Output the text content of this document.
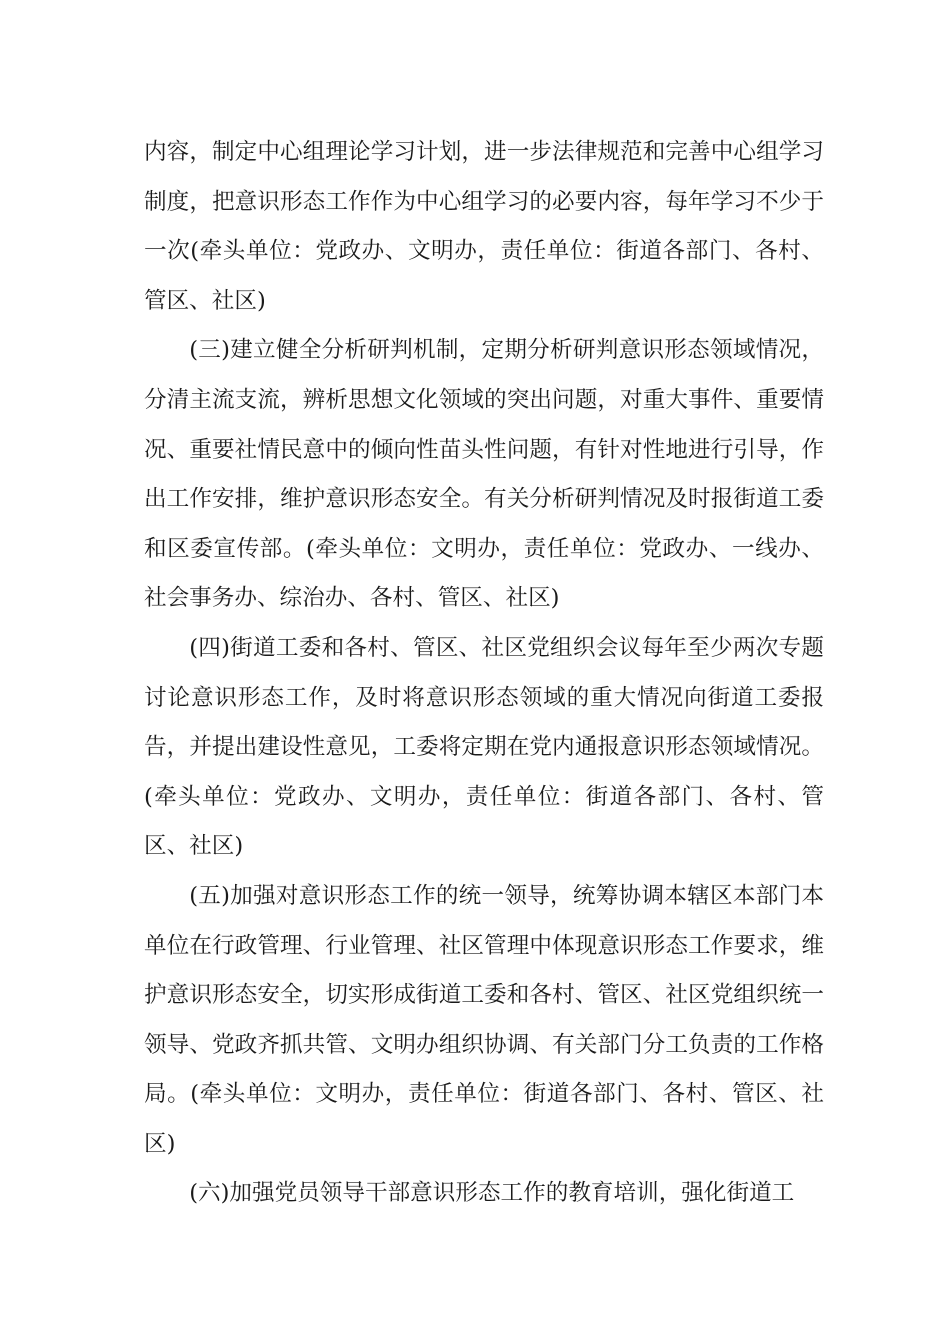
内容，制定中心组理论学习计划，进一步法律规范和完善中心组学习制度，把意识形态工作作为中心组学习的必要内容，每年学习不少于一次(牵头单位：党政办、文明办，责任单位：街道各部门、各村、管区、社区)

(三)建立健全分析研判机制，定期分析研判意识形态领域情况，分清主流支流，辨析思想文化领域的突出问题，对重大事件、重要情况、重要社情民意中的倾向性苗头性问题，有针对性地进行引导，作出工作安排，维护意识形态安全。有关分析研判情况及时报街道工委和区委宣传部。(牵头单位：文明办，责任单位：党政办、一线办、社会事务办、综治办、各村、管区、社区)

(四)街道工委和各村、管区、社区党组织会议每年至少两次专题讨论意识形态工作，及时将意识形态领域的重大情况向街道工委报告，并提出建设性意见，工委将定期在党内通报意识形态领域情况。(牵头单位：党政办、文明办，责任单位：街道各部门、各村、管区、社区)

(五)加强对意识形态工作的统一领导，统筹协调本辖区本部门本单位在行政管理、行业管理、社区管理中体现意识形态工作要求，维护意识形态安全，切实形成街道工委和各村、管区、社区党组织统一领导、党政齐抓共管、文明办组织协调、有关部门分工负责的工作格局。(牵头单位：文明办，责任单位：街道各部门、各村、管区、社区)

(六)加强党员领导干部意识形态工作的教育培训，强化街道工
